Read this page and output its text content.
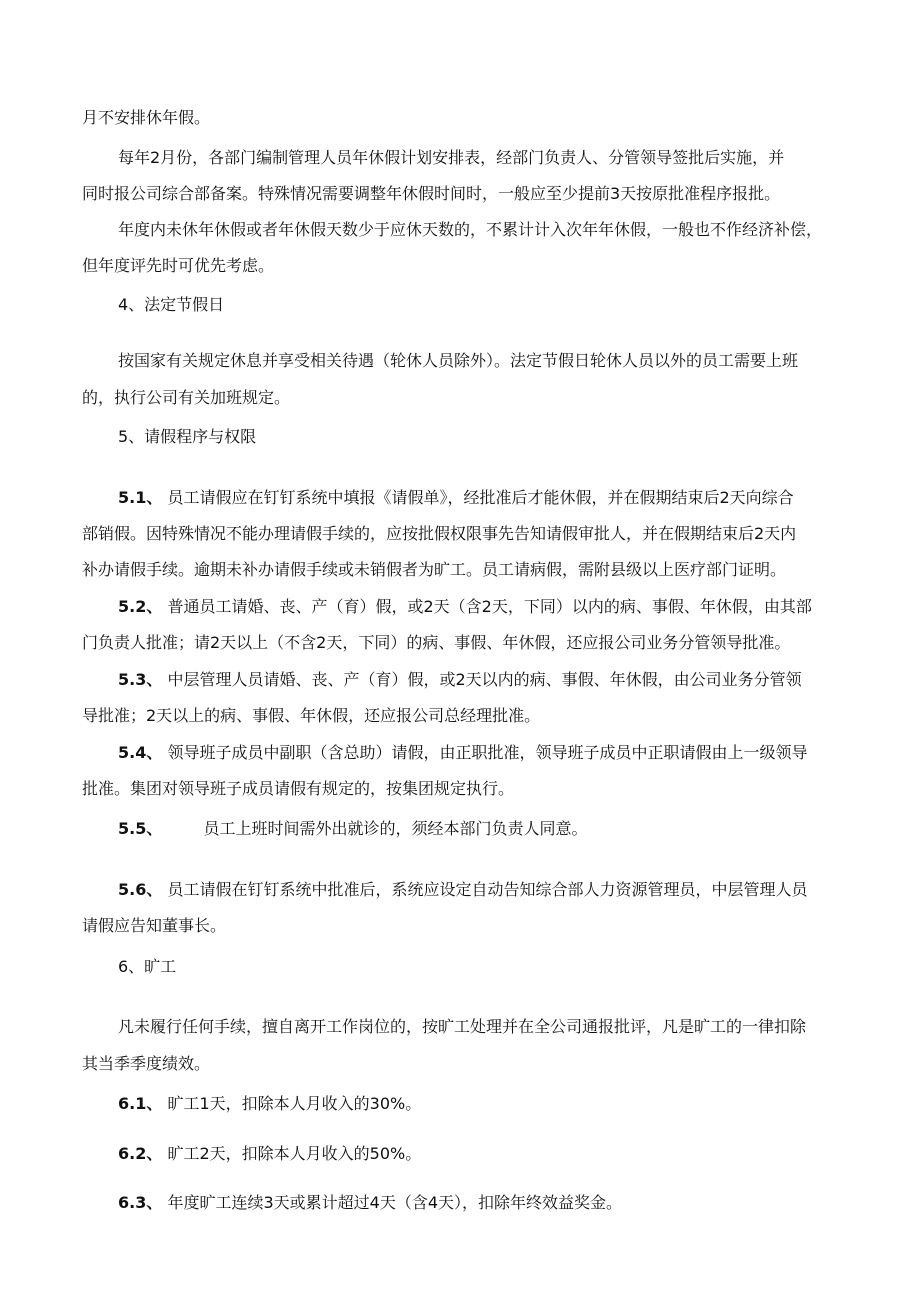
月不安排休年假。

每年2月份，各部门编制管理人员年休假计划安排表，经部门负责人、分管领导签批后实施，并

同时报公司综合部备案。特殊情况需要调整年休假时间时，一般应至少提前3天按原批准程序报批。

年度内未休年休假或者年休假天数少于应休天数的，不累计计入次年年休假，一般也不作经济补偿，

但年度评先时可优先考虑。

4、法定节假日

按国家有关规定休息并享受相关待遇（轮休人员除外）。法定节假日轮休人员以外的员工需要上班

的，执行公司有关加班规定。

5、请假程序与权限

5.1、 员工请假应在钉钉系统中填报《请假单》，经批准后才能休假，并在假期结束后2天向综合

部销假。因特殊情况不能办理请假手续的，应按批假权限事先告知请假审批人，并在假期结束后2天内

补办请假手续。逾期未补办请假手续或未销假者为旷工。员工请病假，需附县级以上医疗部门证明。

5.2、 普通员工请婚、丧、产（育）假，或2天（含2天，下同）以内的病、事假、年休假，由其部

门负责人批准；请2天以上（不含2天，下同）的病、事假、年休假，还应报公司业务分管领导批准。

5.3、 中层管理人员请婚、丧、产（育）假，或2天以内的病、事假、年休假，由公司业务分管领

导批准；2天以上的病、事假、年休假，还应报公司总经理批准。

5.4、 领导班子成员中副职（含总助）请假，由正职批准，领导班子成员中正职请假由上一级领导

批准。集团对领导班子成员请假有规定的，按集团规定执行。

5.5、	员工上班时间需外出就诊的，须经本部门负责人同意。

5.6、 员工请假在钉钉系统中批准后，系统应设定自动告知综合部人力资源管理员，中层管理人员

请假应告知董事长。

6、旷工

凡未履行任何手续，擅自离开工作岗位的，按旷工处理并在全公司通报批评，凡是旷工的一律扣除

其当季季度绩效。

6.1、 旷工1天，扣除本人月收入的30%。

6.2、 旷工2天，扣除本人月收入的50%。

6.3、 年度旷工连续3天或累计超过4天（含4天），扣除年终效益奖金。
